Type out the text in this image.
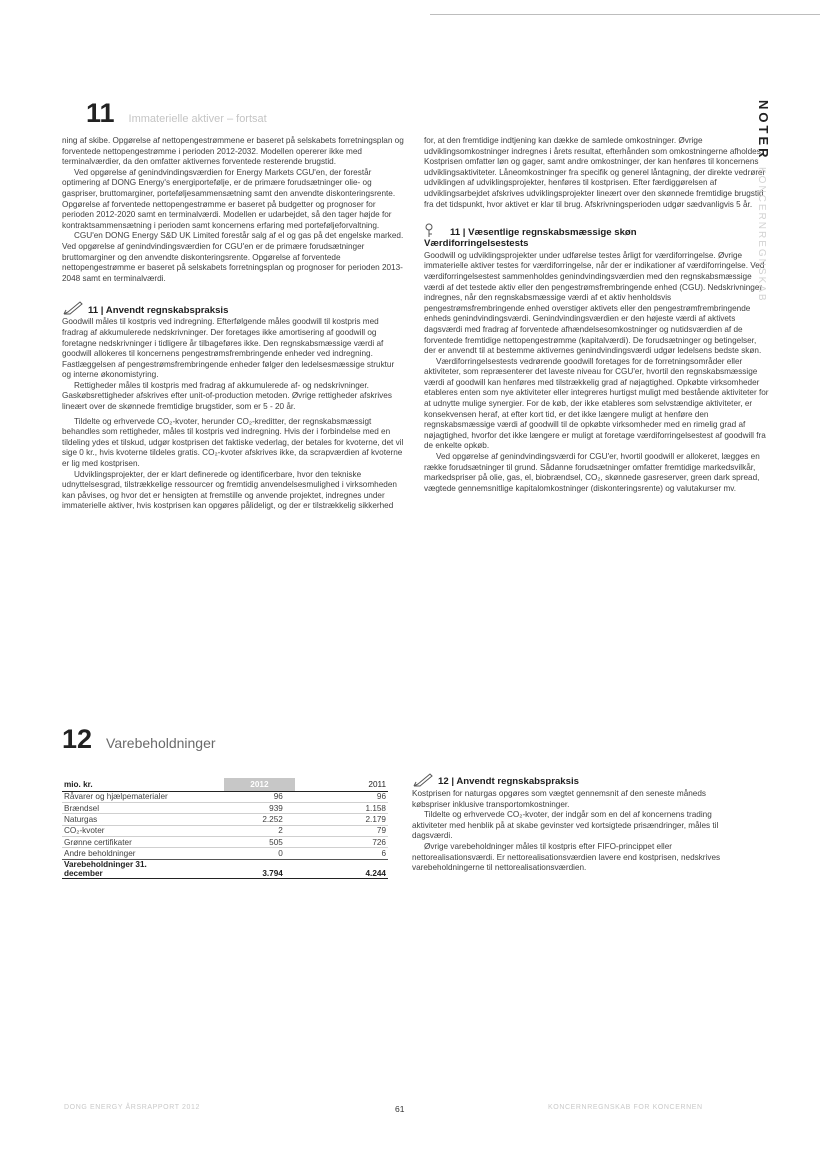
11 Immaterielle aktiver – fortsat

ning af skibe. Opgørelse af nettopengestrømmene er baseret på selskabets forretningsplan og forventede nettopengestrømme i perioden 2012-2032. Modellen opererer ikke med terminalværdier, da den omfatter aktivernes forventede resterende brugstid.

Ved opgørelse af genindvindingsværdien for Energy Markets CGU'en, der forestår optimering af DONG Energy's energiportefølje, er de primære forudsætninger olie- og gaspriser, bruttomarginer, porteføljesammensætning samt den anvendte diskonteringsrente. Opgørelse af forventede nettopengestrømme er baseret på budgetter og prognoser for perioden 2012-2020 samt en terminalværdi. Modellen er udarbejdet, så den tager højde for kontraktsammensætning i perioden samt koncernens erfaring med porteføljeforvaltning.

CGU'en DONG Energy S&D UK Limited forestår salg af el og gas på det engelske marked. Ved opgørelse af genindvindingsværdien for CGU'en er de primære forudsætninger bruttomarginer og den anvendte diskonteringsrente. Opgørelse af forventede nettopengestrømme er baseret på selskabets forretningsplan og prognoser for perioden 2013-2048 samt en terminalværdi.

11 | Anvendt regnskabspraksis

Goodwill måles til kostpris ved indregning. Efterfølgende måles goodwill til kostpris med fradrag af akkumulerede nedskrivninger. Der foretages ikke amortisering af goodwill og foretagne nedskrivninger i tidligere år tilbageføres ikke. Den regnskabsmæssige værdi af goodwill allokeres til koncernens pengestrømsfrembringende enheder ved indregning. Fastlæggelsen af pengestrømsfrembringende enheder følger den ledelsesmæssige struktur og interne økonomistyring.

Rettigheder måles til kostpris med fradrag af akkumulerede af- og nedskrivninger. Gaskøbsrettigheder afskrives efter unit-of-production metoden. Øvrige rettigheder afskrives lineært over de skønnede fremtidige brugstider, som er 5 - 20 år.

Tildelte og erhvervede CO₂-kvoter, herunder CO₂-kreditter, der regnskabsmæssigt behandles som rettigheder, måles til kostpris ved indregning. Hvis der i forbindelse med en tildeling ydes et tilskud, udgør kostprisen det faktiske vederlag, der betales for kvoterne, det vil sige 0 kr., hvis kvoterne tildeles gratis. CO₂-kvoter afskrives ikke, da scrapværdien af kvoterne er lig med kostprisen.

Udviklingsprojekter, der er klart definerede og identificerbare, hvor den tekniske udnyttelsesgrad, tilstrækkelige ressourcer og fremtidig anvendelsesmulighed i virksomheden kan påvises, og hvor det er hensigten at fremstille og anvende projektet, indregnes under immaterielle aktiver, hvis kostprisen kan opgøres pålideligt, og der er tilstrækkelig sikkerhed

for, at den fremtidige indtjening kan dække de samlede omkostninger. Øvrige udviklingsomkostninger indregnes i årets resultat, efterhånden som omkostningerne afholdes. Kostprisen omfatter løn og gager, samt andre omkostninger, der kan henføres til koncernens udviklingsaktiviteter. Låneomkostninger fra specifik og generel låntagning, der direkte vedrører udviklingen af udviklingsprojekter, henføres til kostprisen. Efter færdiggørelsen af udviklingsarbejdet afskrives udviklingsprojekter lineært over den skønnede fremtidige brugstid fra det tidspunkt, hvor aktivet er klar til brug. Afskrivningsperioden udgør sædvanligvis 5 år.

11 | Væsentlige regnskabsmæssige skøn
Værdiforringelsestests

Goodwill og udviklingsprojekter under udførelse testes årligt for værdiforringelse. Øvrige immaterielle aktiver testes for værdiforringelse, når der er indikationer af værdiforringelse. Ved værdiforringelsestest sammenholdes genindvindingsværdien med den regnskabsmæssige værdi af det testede aktiv eller den pengestrømsfrembringende enhed (CGU). Nedskrivninger indregnes, når den regnskabsmæssige værdi af et aktiv henholdsvis pengestrømsfrembringende enhed overstiger aktivets eller den pengestrømfrembringende enheds genindvindingsværdi. Genindvindingsværdien er den højeste værdi af aktivets dagsværdi med fradrag af forventede afhændelsesomkostninger og nutidsværdien af de forventede fremtidige nettopengestrømme (kapitalværdi). De forudsætninger og betingelser, der er anvendt til at bestemme aktivernes genindvindingsværdi udgør ledelsens bedste skøn.

Værdiforringelsestests vedrørende goodwill foretages for de forretningsområder eller aktiviteter, som repræsenterer det laveste niveau for CGU'er, hvortil den regnskabsmæssige værdi af goodwill kan henføres med tilstrækkelig grad af nøjagtighed. Opkøbte virksomheder etableres enten som nye aktiviteter eller integreres hurtigst muligt med bestående aktiviteter for at udnytte mulige synergier. For de køb, der ikke etableres som selvstændige aktiviteter, er konsekvensen heraf, at efter kort tid, er det ikke længere muligt at henføre den regnskabsmæssige værdi af goodwill til de opkøbte virksomheder med en rimelig grad af nøjagtighed, hvorfor det ikke længere er muligt at foretage værdiforringelsestest af goodwill fra de enkelte opkøb.

Ved opgørelse af genindvindingsværdi for CGU'er, hvortil goodwill er allokeret, lægges en række forudsætninger til grund. Sådanne forudsætninger omfatter fremtidige markedsvilkår, markedspriser på olie, gas, el, biobrændsel, CO₂, skønnede gasreserver, green dark spread, vægtede gennemsnitlige kapitalomkostninger (diskonteringsrente) og valutakurser mv.

NOTER
KONCERNREGNSKAB
12 Varebeholdninger
mio. kr.	2012	2011
Råvarer og hjælpematerialer	96	96
Brændsel	939	1.158
Naturgas	2.252	2.179
CO₂-kvoter	2	79
Grønne certifikater	505	726
Andre beholdninger	0	6
Varebeholdninger 31.
december	3.794	4.244
12 | Anvendt regnskabspraksis

Kostprisen for naturgas opgøres som vægtet gennemsnit af den seneste måneds købspriser inklusive transportomkostninger.

Tildelte og erhvervede CO₂-kvoter, der indgår som en del af koncernens trading aktiviteter med henblik på at skabe gevinster ved kortsigtede prisændringer, måles til dagsværdi.

Øvrige varebeholdninger måles til kostpris efter FIFO-princippet eller nettorealisationsværdi. Er nettorealisationsværdien lavere end kostprisen, nedskrives varebeholdningerne til nettorealisationsværdien.

DONG ENERGY ÅRSRAPPORT 2012	61	KONCERNREGNSKAB FOR KONCERNEN
